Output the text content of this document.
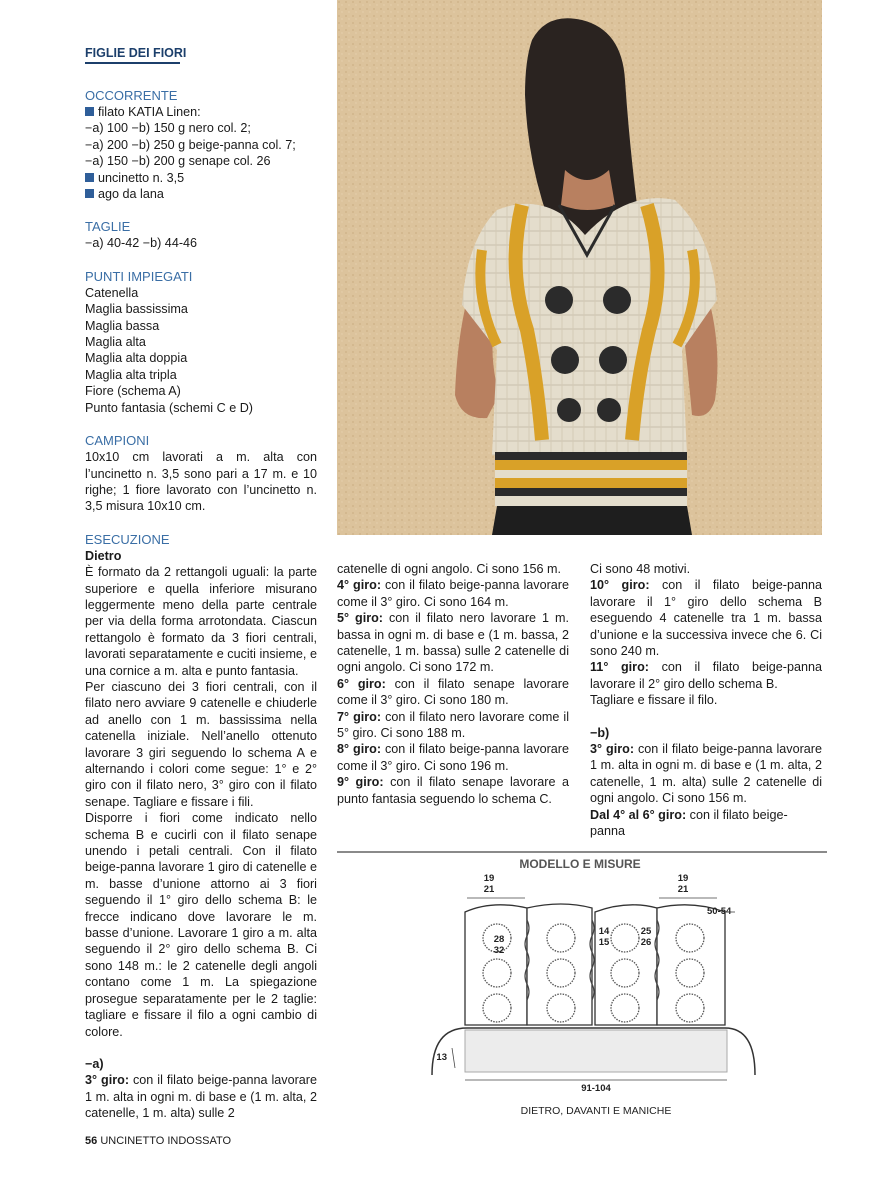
FIGLIE DEI FIORI

OCCORRENTE

filato KATIA Linen:

−a) 100 −b) 150 g nero col. 2;

−a) 200 −b) 250 g beige-panna col. 7;

−a) 150 −b) 200 g senape col. 26

uncinetto n. 3,5

ago da lana

TAGLIE

−a) 40-42 −b) 44-46

PUNTI IMPIEGATI

Catenella

Maglia bassissima

Maglia bassa

Maglia alta

Maglia alta doppia

Maglia alta tripla

Fiore (schema A)

Punto fantasia (schemi C e D)

CAMPIONI

10x10 cm lavorati a m. alta con l’uncinetto n. 3,5 sono pari a 17 m. e 10 righe; 1 fiore lavorato con l’uncinetto n. 3,5 misura 10x10 cm.

ESECUZIONE

Dietro

È formato da 2 rettangoli uguali: la parte superiore e quella inferiore misurano leggermente meno della parte centrale per via della forma arrotondata. Ciascun rettangolo è formato da 3 fiori centrali, lavorati separatamente e cuciti insieme, e una cornice a m. alta e punto fantasia.

Per ciascuno dei 3 fiori centrali, con il filato nero avviare 9 catenelle e chiuderle ad anello con 1 m. bassissima nella catenella iniziale. Nell’anello ottenuto lavorare 3 giri seguendo lo schema A e alternando i colori come segue: 1° e 2° giro con il filato nero, 3° giro con il filato senape. Tagliare e fissare i fili.

Disporre i fiori come indicato nello schema B e cucirli con il filato senape unendo i petali centrali. Con il filato beige-panna lavorare 1 giro di catenelle e m. basse d’unione attorno ai 3 fiori seguendo il 1° giro dello schema B: le frecce indicano dove lavorare le m. basse d’unione. Lavorare 1 giro a m. alta seguendo il 2° giro dello schema B. Ci sono 148 m.: le 2 catenelle degli angoli contano come 1 m. La spiegazione prosegue separatamente per le 2 taglie: tagliare e fissare il filo a ogni cambio di colore.

−a)

3° giro: con il filato beige-panna lavorare 1 m. alta in ogni m. di base e (1 m. alta, 2 catenelle, 1 m. alta) sulle 2

catenelle di ogni angolo. Ci sono 156 m.

4° giro: con il filato beige-panna lavorare come il 3° giro. Ci sono 164 m.

5° giro: con il filato nero lavorare 1 m. bassa in ogni m. di base e (1 m. bassa, 2 catenelle, 1 m. bassa) sulle 2 catenelle di ogni angolo. Ci sono 172 m.

6° giro: con il filato senape lavorare come il 3° giro. Ci sono 180 m.

7° giro: con il filato nero lavorare come il 5° giro. Ci sono 188 m.

8° giro: con il filato beige-panna lavorare come il 3° giro. Ci sono 196 m.

9° giro: con il filato senape lavorare a punto fantasia seguendo lo schema C.

Ci sono 48 motivi.

10° giro: con il filato beige-panna lavorare il 1° giro dello schema B eseguendo 4 catenelle tra 1 m. bassa d’unione e la successiva invece che 6. Ci sono 240 m.

11° giro: con il filato beige-panna lavorare il 2° giro dello schema B.

Tagliare e fissare il filo.

−b)

3° giro: con il filato beige-panna lavorare 1 m. alta in ogni m. di base e (1 m. alta, 2 catenelle, 1 m. alta) sulle 2 catenelle di ogni angolo. Ci sono 156 m.

Dal 4° al 6° giro: con il filato beige-panna

MODELLO E MISURE
19
21
19
21
50-54
28
32
14
15
25
26
13
91-104
DIETRO, DAVANTI E MANICHE
56 UNCINETTO INDOSSATO
